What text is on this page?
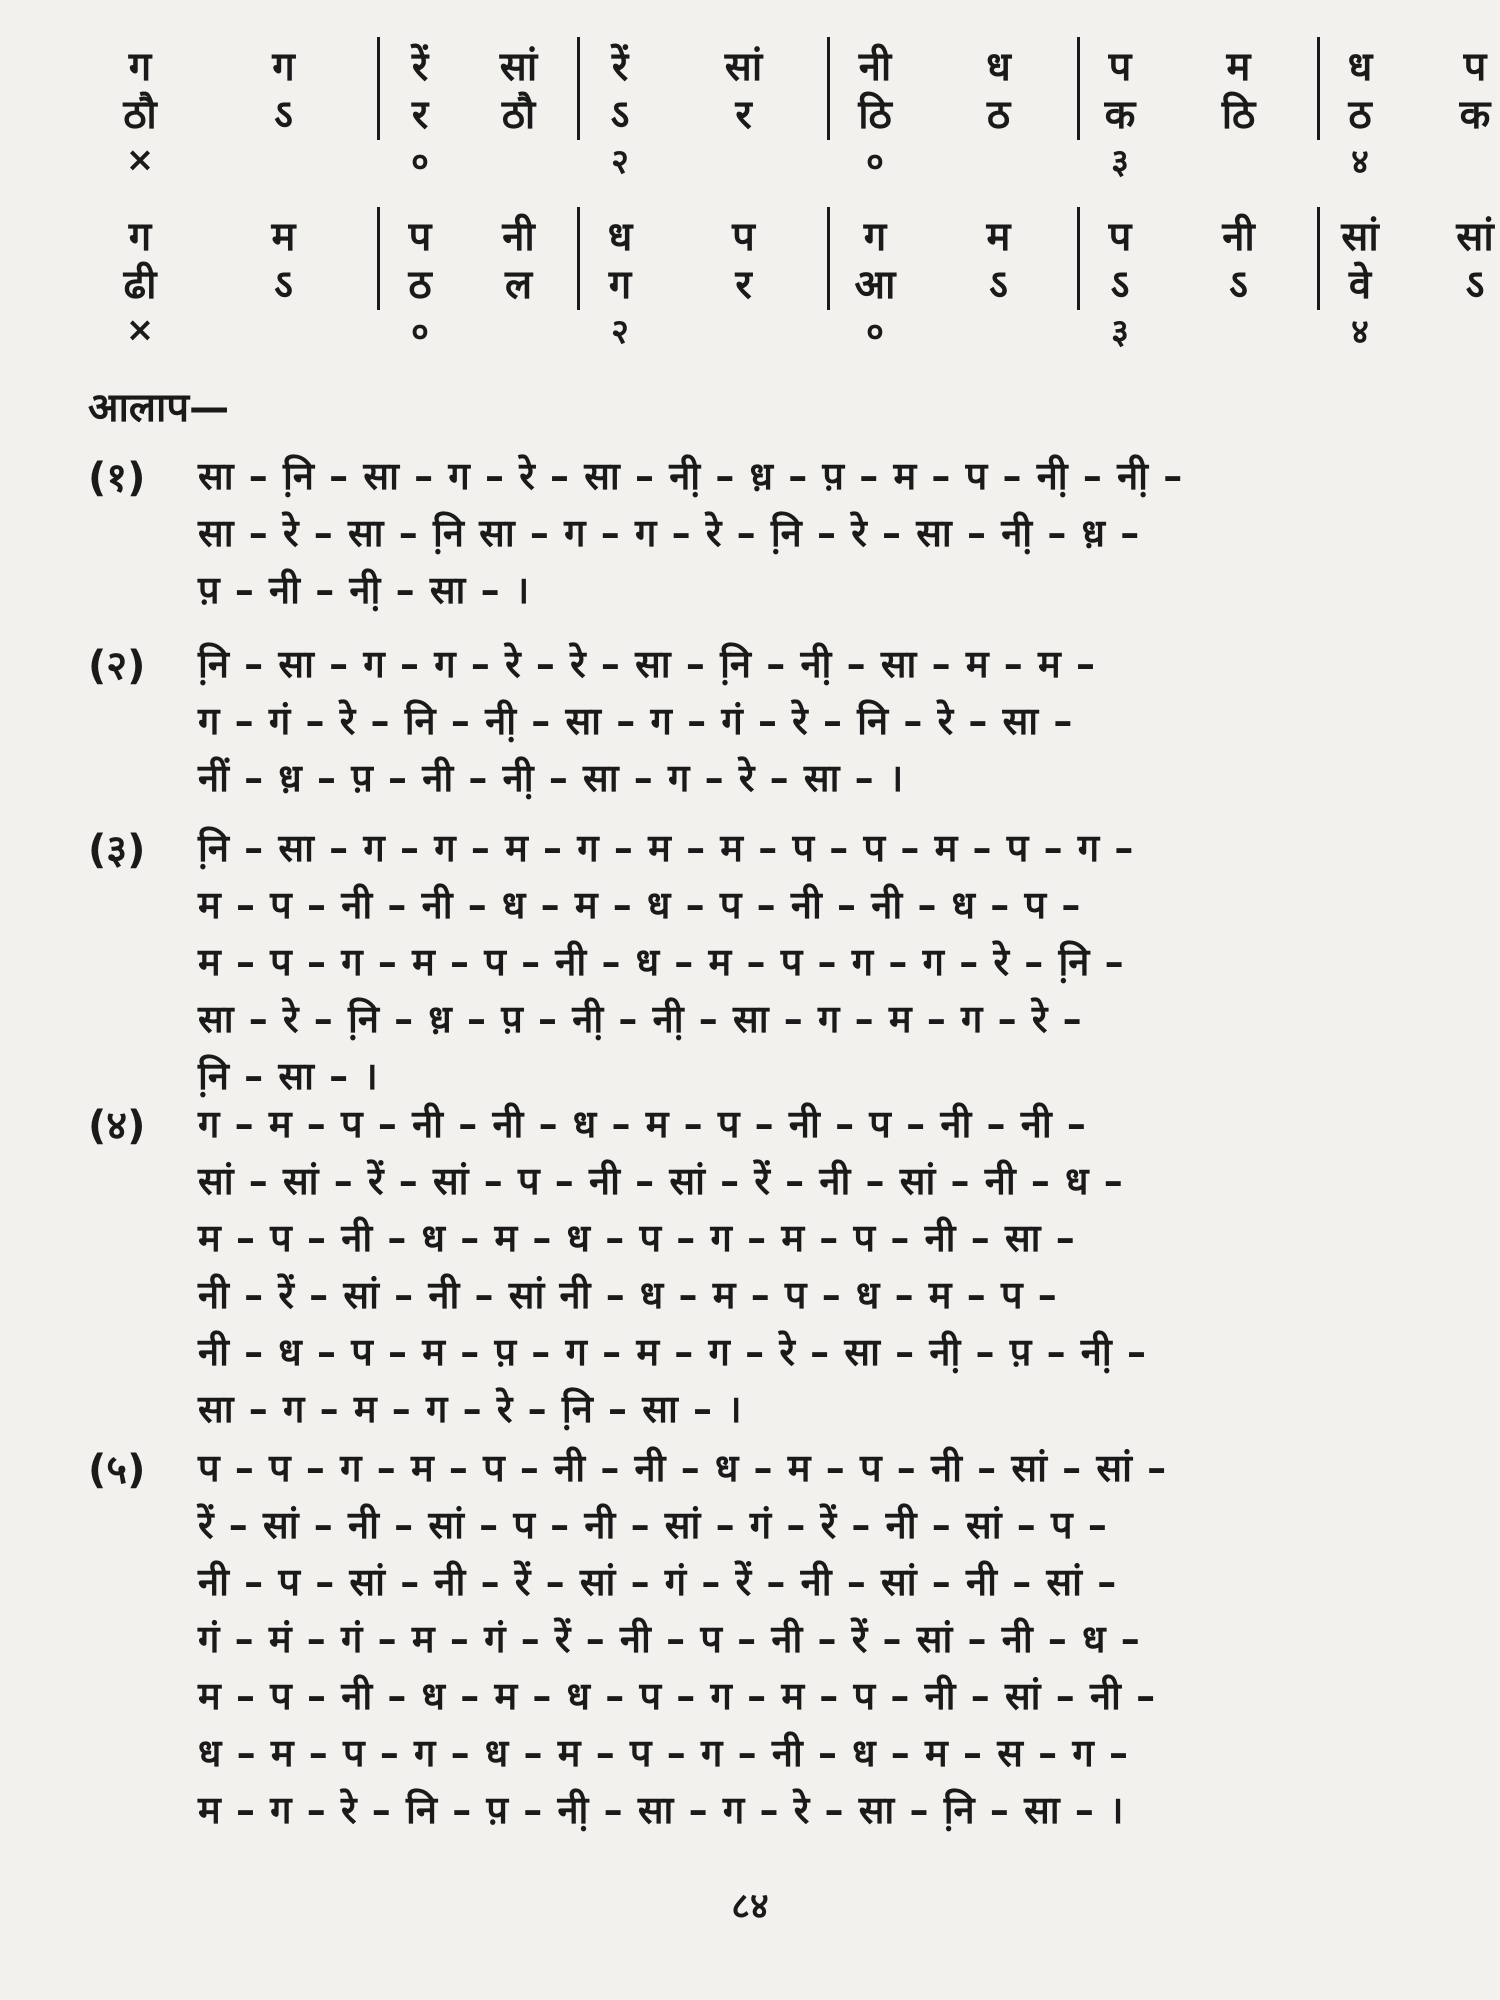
ग	ग	रें	सां	रें	सां	नी	ध	प	म	ध	प
ठौ	ऽ	र	ठौ	ऽ	र	ठि	ठ	क	ठि	ठ	क
×	०	२	०	३	४
ग	म	प	नी	ध	प	ग	म	प	नी	सां	सां
ढी	ऽ	ठ	ल	ग	र	आ	ऽ	ऽ	ऽ	वे	ऽ
×	०	२	०	३	४
आलाप—
(१) सा – नि़ – सा – ग – रे – सा – नी़ – ध़ – प़ – म – प – नी़ – नी़ –
सा – रे – सा – नि़ सा – ग – ग – रे – नि़ – रे – सा – नी़ – ध़ –
प़ – नी – नी़ – सा – ।
(२) नि़ – सा – ग – ग – रे – रे – सा – नि़ – नी़ – सा – म – म –
ग – गं – रे – नि – नी़ – सा – ग – गं – रे – नि – रे – सा –
नीं – ध़ – प़ – नी – नी़ – सा – ग – रे – सा – ।
(३) नि़ – सा – ग – ग – म – ग – म – म – प – प – म – प – ग –
म – प – नी – नी – ध – म – ध – प – नी – नी – ध – प –
म – प – ग – म – प – नी – ध – म – प – ग – ग – रे – नि़ –
सा – रे – नि़ – ध़ – प़ – नी़ – नी़ – सा – ग – म – ग – रे –
नि़ – सा – ।
(४) ग – म – प – नी – नी – ध – म – प – नी – प – नी – नी –
सां – सां – रें – सां – प – नी – सां – रें – नी – सां – नी – ध –
म – प – नी – ध – म – ध – प – ग – म – प – नी – सा –
नी – रें – सां – नी – सां नी – ध – म – प – ध – म – प –
नी – ध – प – म – प़ – ग – म – ग – रे – सा – नी़ – प़ – नी़ –
सा – ग – म – ग – रे – नि़ – सा – ।
(५) प – प – ग – म – प – नी – नी – ध – म – प – नी – सां – सां –
रें – सां – नी – सां – प – नी – सां – गं – रें – नी – सां – प –
नी – प – सां – नी – रें – सां – गं – रें – नी – सां – नी – सां –
गं – मं – गं – म – गं – रें – नी – प – नी – रें – सां – नी – ध –
म – प – नी – ध – म – ध – प – ग – म – प – नी – सां – नी –
ध – म – प – ग – ध – म – प – ग – नी – ध – म – स – ग –
म – ग – रे – नि – प़ – नी़ – सा – ग – रे – सा – नि़ – सा – ।
८४
